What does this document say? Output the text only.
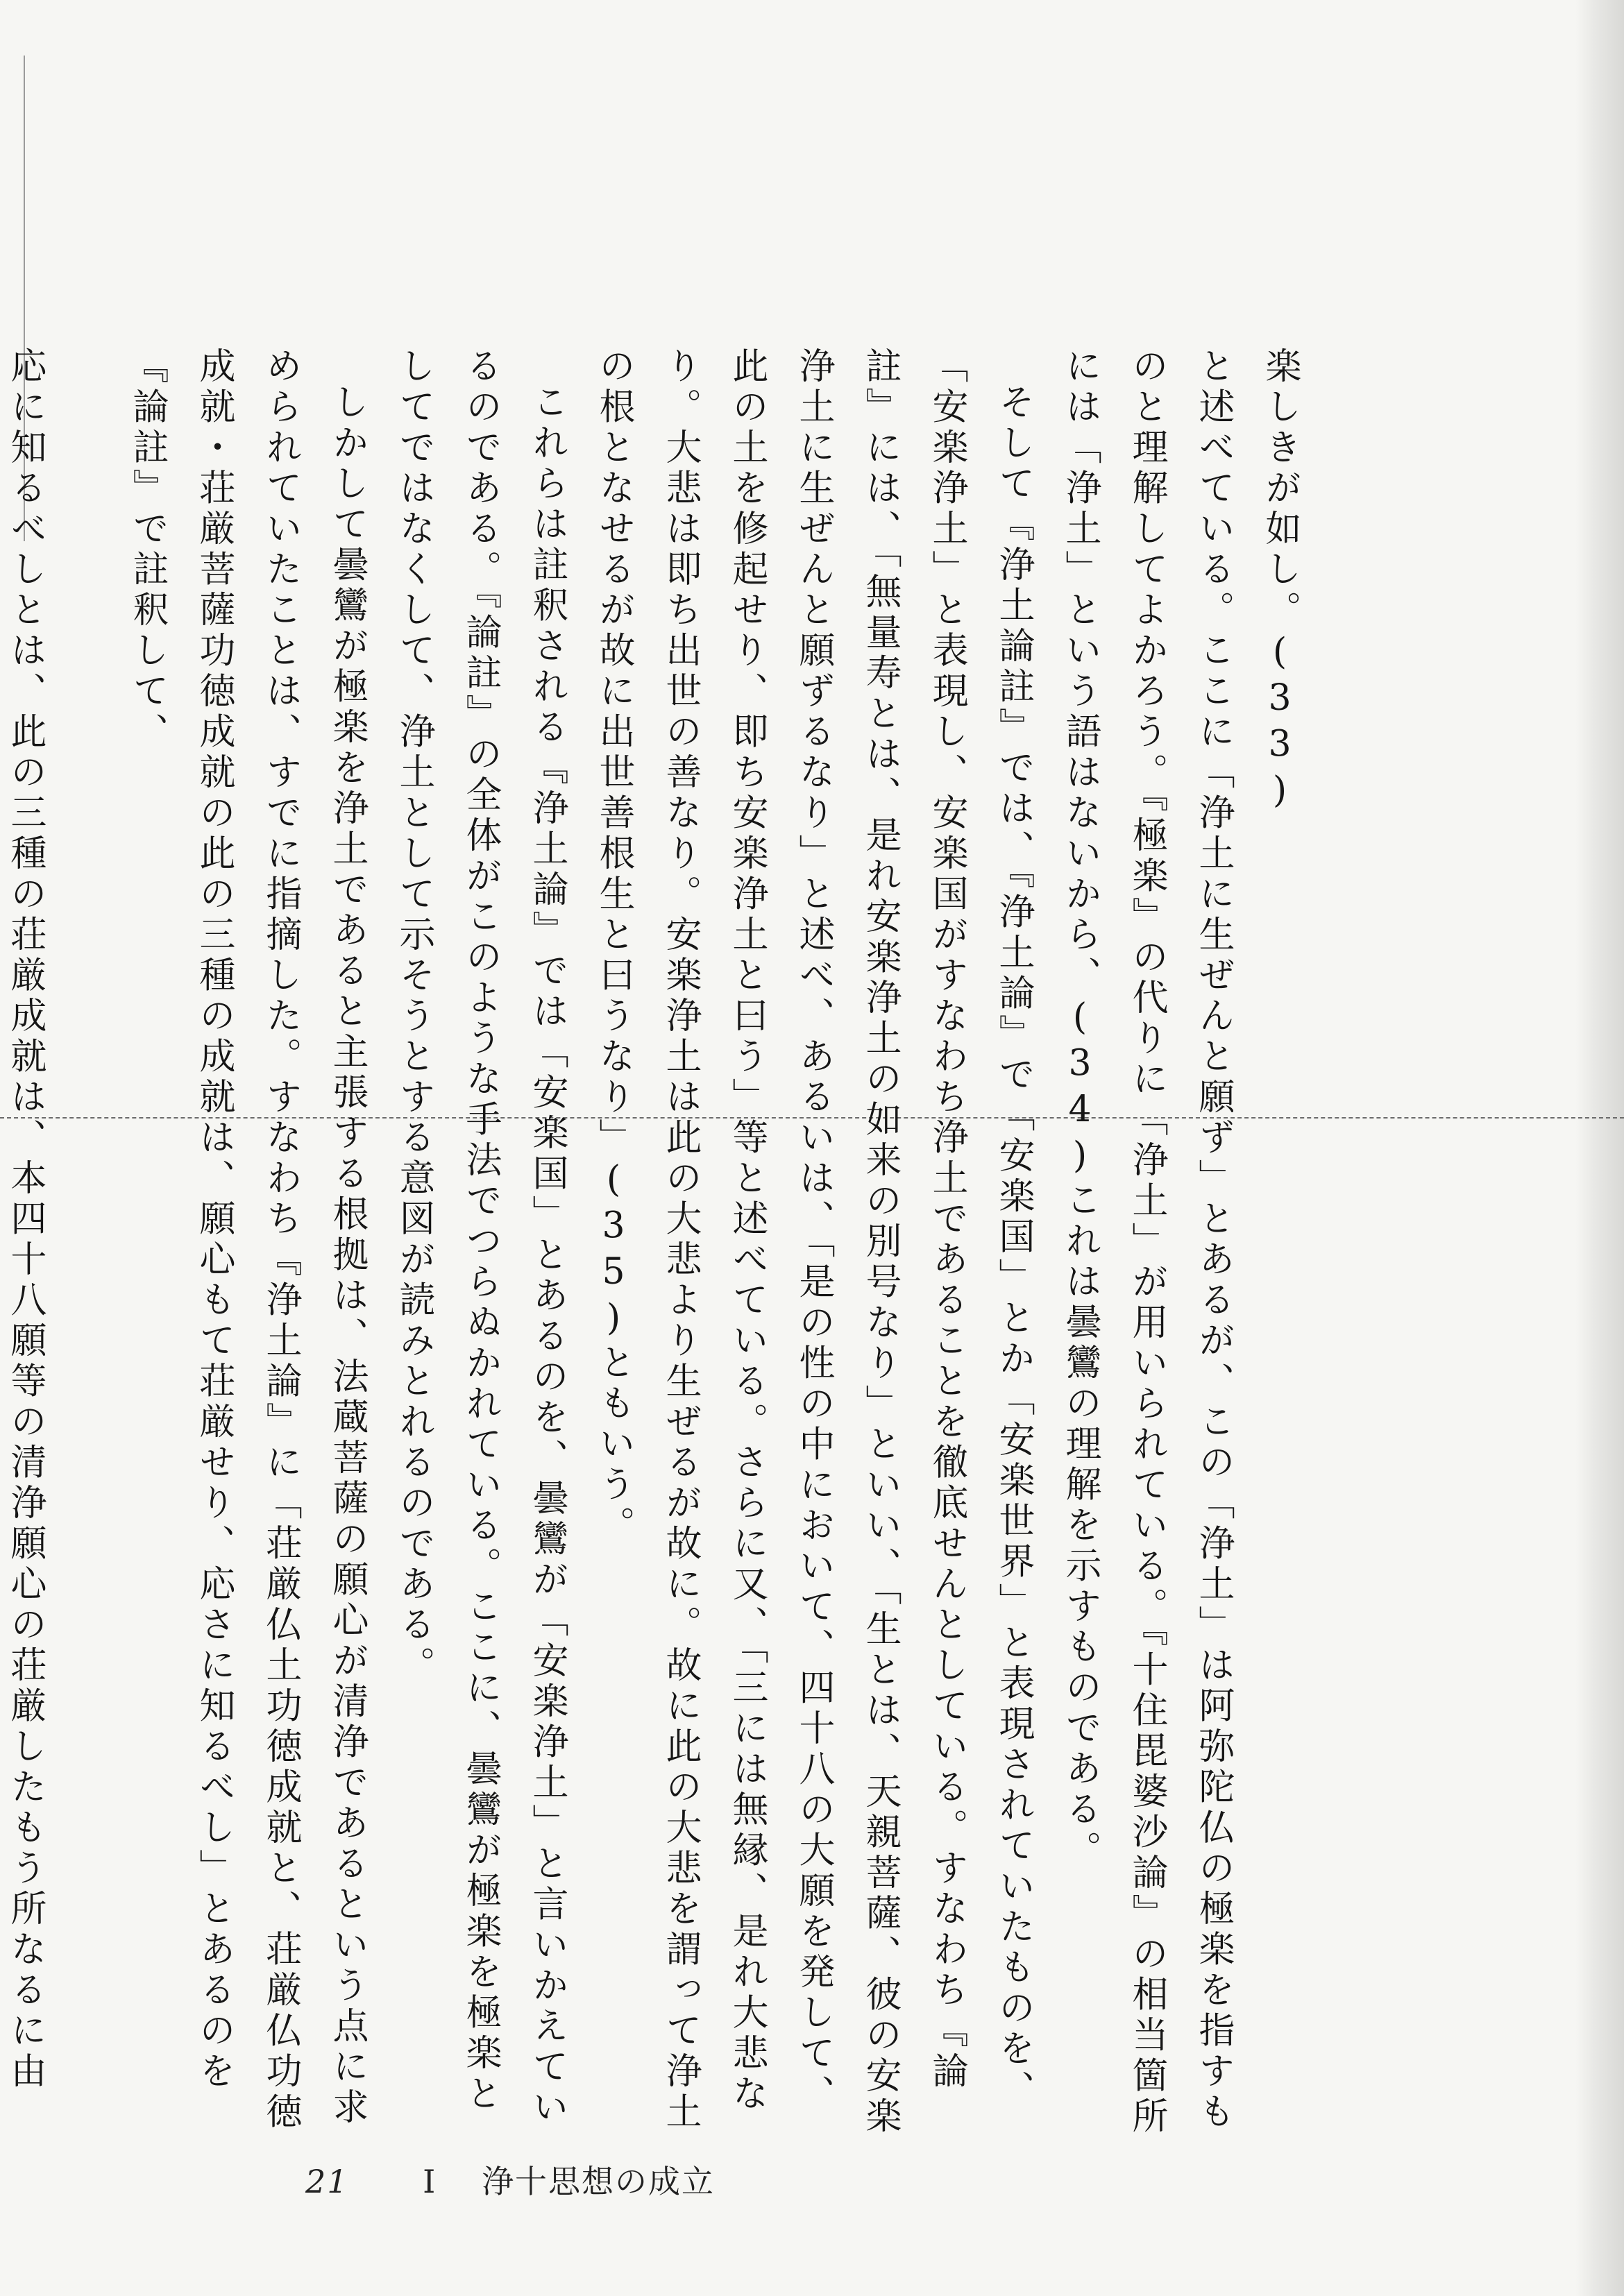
楽しきが如し。(33)

と述べている。ここに「浄土に生ぜんと願ず」とあるが、この「浄土」は阿弥陀仏の極楽を指すものと理解してよかろう。『極楽』の代りに「浄土」が用いられている。『十住毘婆沙論』の相当箇所には「浄土」という語はないから、(34)これは曇鸞の理解を示すものである。

そして『浄土論註』では、『浄土論』で「安楽国」とか「安楽世界」と表現されていたものを、「安楽浄土」と表現し、安楽国がすなわち浄土であることを徹底せんとしている。すなわち『論註』には、「無量寿とは、是れ安楽浄土の如来の別号なり」といい、「生とは、天親菩薩、彼の安楽浄土に生ぜんと願ずるなり」と述べ、あるいは、「是の性の中において、四十八の大願を発して、此の土を修起せり、即ち安楽浄土と曰う」等と述べている。さらに又、「三には無縁、是れ大悲なり。大悲は即ち出世の善なり。安楽浄土は此の大悲より生ぜるが故に。故に此の大悲を謂って浄土の根となせるが故に出世善根生と曰うなり」(35)ともいう。

これらは註釈される『浄土論』では「安楽国」とあるのを、曇鸞が「安楽浄土」と言いかえているのである。『論註』の全体がこのような手法でつらぬかれている。ここに、曇鸞が極楽を極楽としてではなくして、浄土として示そうとする意図が読みとれるのである。

しかして曇鸞が極楽を浄土であると主張する根拠は、法蔵菩薩の願心が清浄であるという点に求められていたことは、すでに指摘した。すなわち『浄土論』に「荘厳仏土功徳成就と、荘厳仏功徳成就・荘厳菩薩功徳成就の此の三種の成就は、願心もて荘厳せり、応さに知るべし」とあるのを『論註』で註釈して、

応に知るべしとは、此の三種の荘厳成就は、本四十八願等の清浄願心の荘厳したもう所なるに由

21 I 浄十思想の成立
